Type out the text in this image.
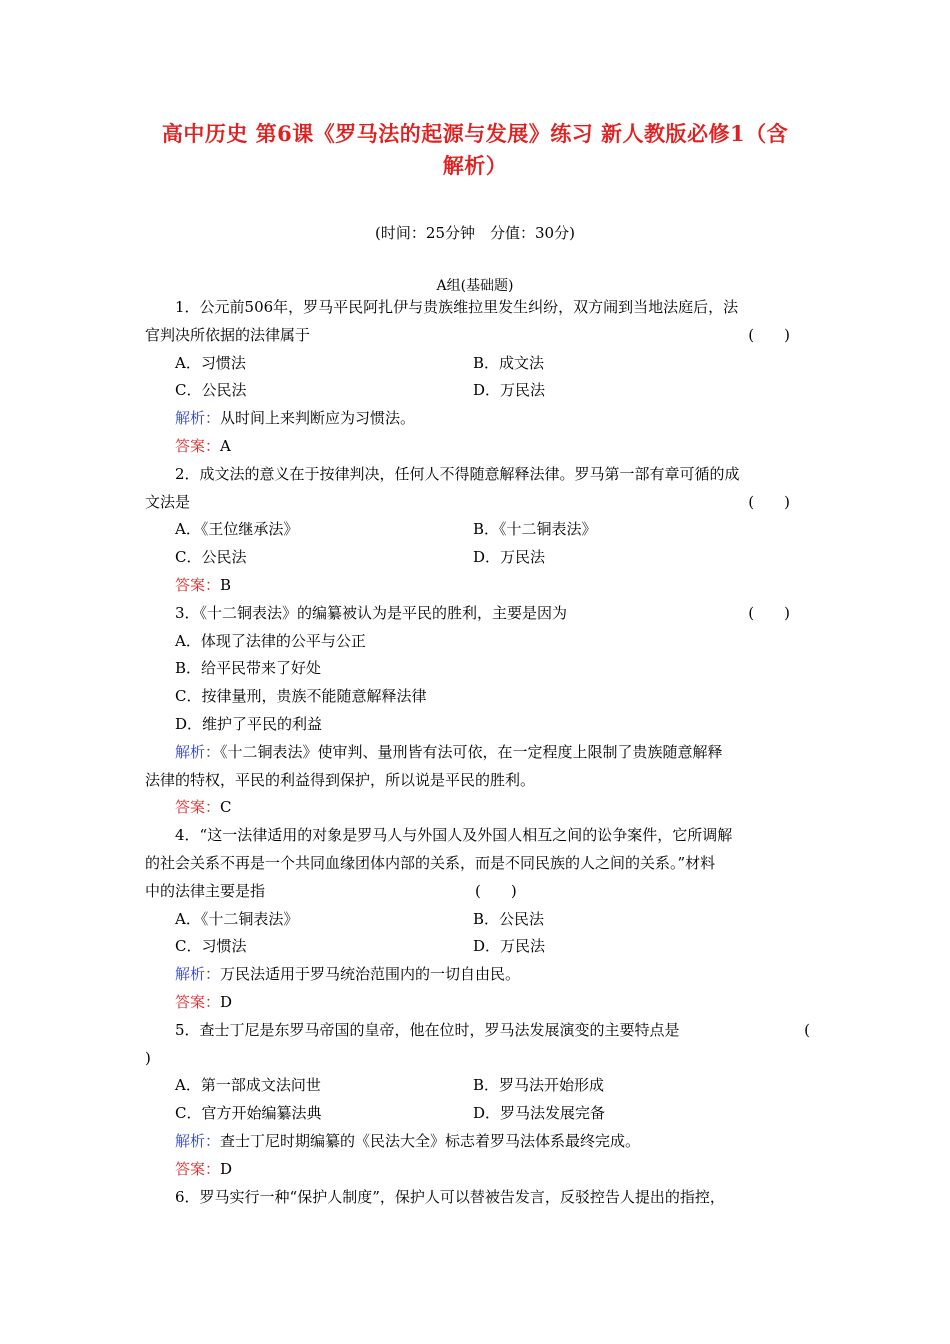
高中历史 第6课《罗马法的起源与发展》练习 新人教版必修1（含
解析）
(时间：25分钟　分值：30分)
A组(基础题)
1．公元前506年，罗马平民阿扎伊与贵族维拉里发生纠纷，双方闹到当地法庭后，法
官判决所依据的法律属于	(　　)
A．习惯法	B．成文法
C．公民法	D．万民法
解析：从时间上来判断应为习惯法。
答案：A
2．成文法的意义在于按律判决，任何人不得随意解释法律。罗马第一部有章可循的成
文法是	(　　)
A．《王位继承法》	B．《十二铜表法》
C．公民法	D．万民法
答案：B
3．《十二铜表法》的编纂被认为是平民的胜利，主要是因为	(　　)
A．体现了法律的公平与公正
B．给平民带来了好处
C．按律量刑，贵族不能随意解释法律
D．维护了平民的利益
解析：《十二铜表法》使审判、量刑皆有法可依，在一定程度上限制了贵族随意解释
法律的特权，平民的利益得到保护，所以说是平民的胜利。
答案：C
4．“这一法律适用的对象是罗马人与外国人及外国人相互之间的讼争案件，它所调解
的社会关系不再是一个共同血缘团体内部的关系，而是不同民族的人之间的关系。”材料
中的法律主要是指	(　　)
A．《十二铜表法》	B．公民法
C．习惯法	D．万民法
解析：万民法适用于罗马统治范围内的一切自由民。
答案：D
5．查士丁尼是东罗马帝国的皇帝，他在位时，罗马法发展演变的主要特点是	(
)
A．第一部成文法问世	B．罗马法开始形成
C．官方开始编纂法典	D．罗马法发展完备
解析：查士丁尼时期编纂的《民法大全》标志着罗马法体系最终完成。
答案：D
6．罗马实行一种“保护人制度”，保护人可以替被告发言，反驳控告人提出的指控，
